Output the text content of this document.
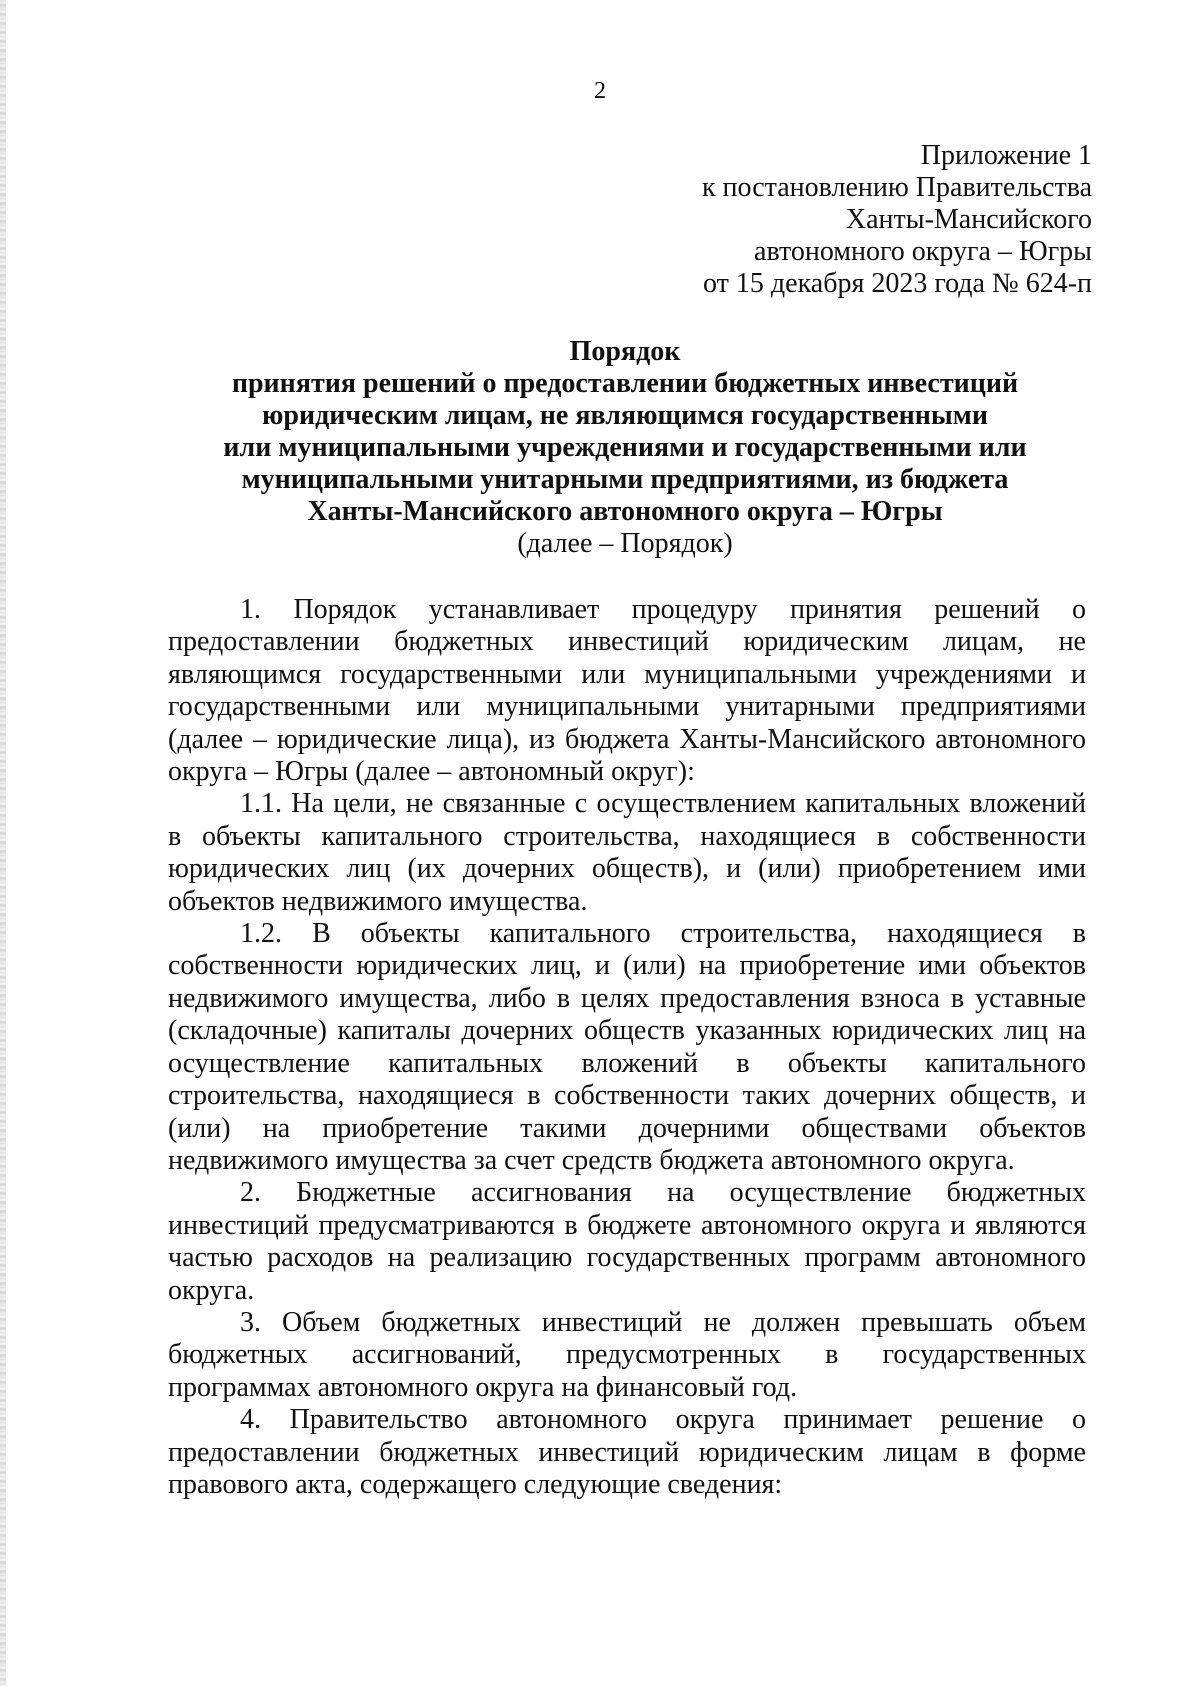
2
Приложение 1
к постановлению Правительства
Ханты-Мансийского
автономного округа – Югры
от 15 декабря 2023 года № 624-п
Порядок
принятия решений о предоставлении бюджетных инвестиций
юридическим лицам, не являющимся государственными
или муниципальными учреждениями и государственными или
муниципальными унитарными предприятиями, из бюджета
Ханты-Мансийского автономного округа – Югры
(далее – Порядок)

1. Порядок устанавливает процедуру принятия решений о предоставлении бюджетных инвестиций юридическим лицам, не являющимся государственными или муниципальными учреждениями и государственными или муниципальными унитарными предприятиями (далее – юридические лица), из бюджета Ханты-Мансийского автономного округа – Югры (далее – автономный округ):

1.1. На цели, не связанные с осуществлением капитальных вложений в объекты капитального строительства, находящиеся в собственности юридических лиц (их дочерних обществ), и (или) приобретением ими объектов недвижимого имущества.

1.2. В объекты капитального строительства, находящиеся в собственности юридических лиц, и (или) на приобретение ими объектов недвижимого имущества, либо в целях предоставления взноса в уставные (складочные) капиталы дочерних обществ указанных юридических лиц на осуществление капитальных вложений в объекты капитального строительства, находящиеся в собственности таких дочерних обществ, и (или) на приобретение такими дочерними обществами объектов недвижимого имущества за счет средств бюджета автономного округа.

2. Бюджетные ассигнования на осуществление бюджетных инвестиций предусматриваются в бюджете автономного округа и являются частью расходов на реализацию государственных программ автономного округа.

3. Объем бюджетных инвестиций не должен превышать объем бюджетных ассигнований, предусмотренных в государственных программах автономного округа на финансовый год.

4. Правительство автономного округа принимает решение о предоставлении бюджетных инвестиций юридическим лицам в форме правового акта, содержащего следующие сведения:
